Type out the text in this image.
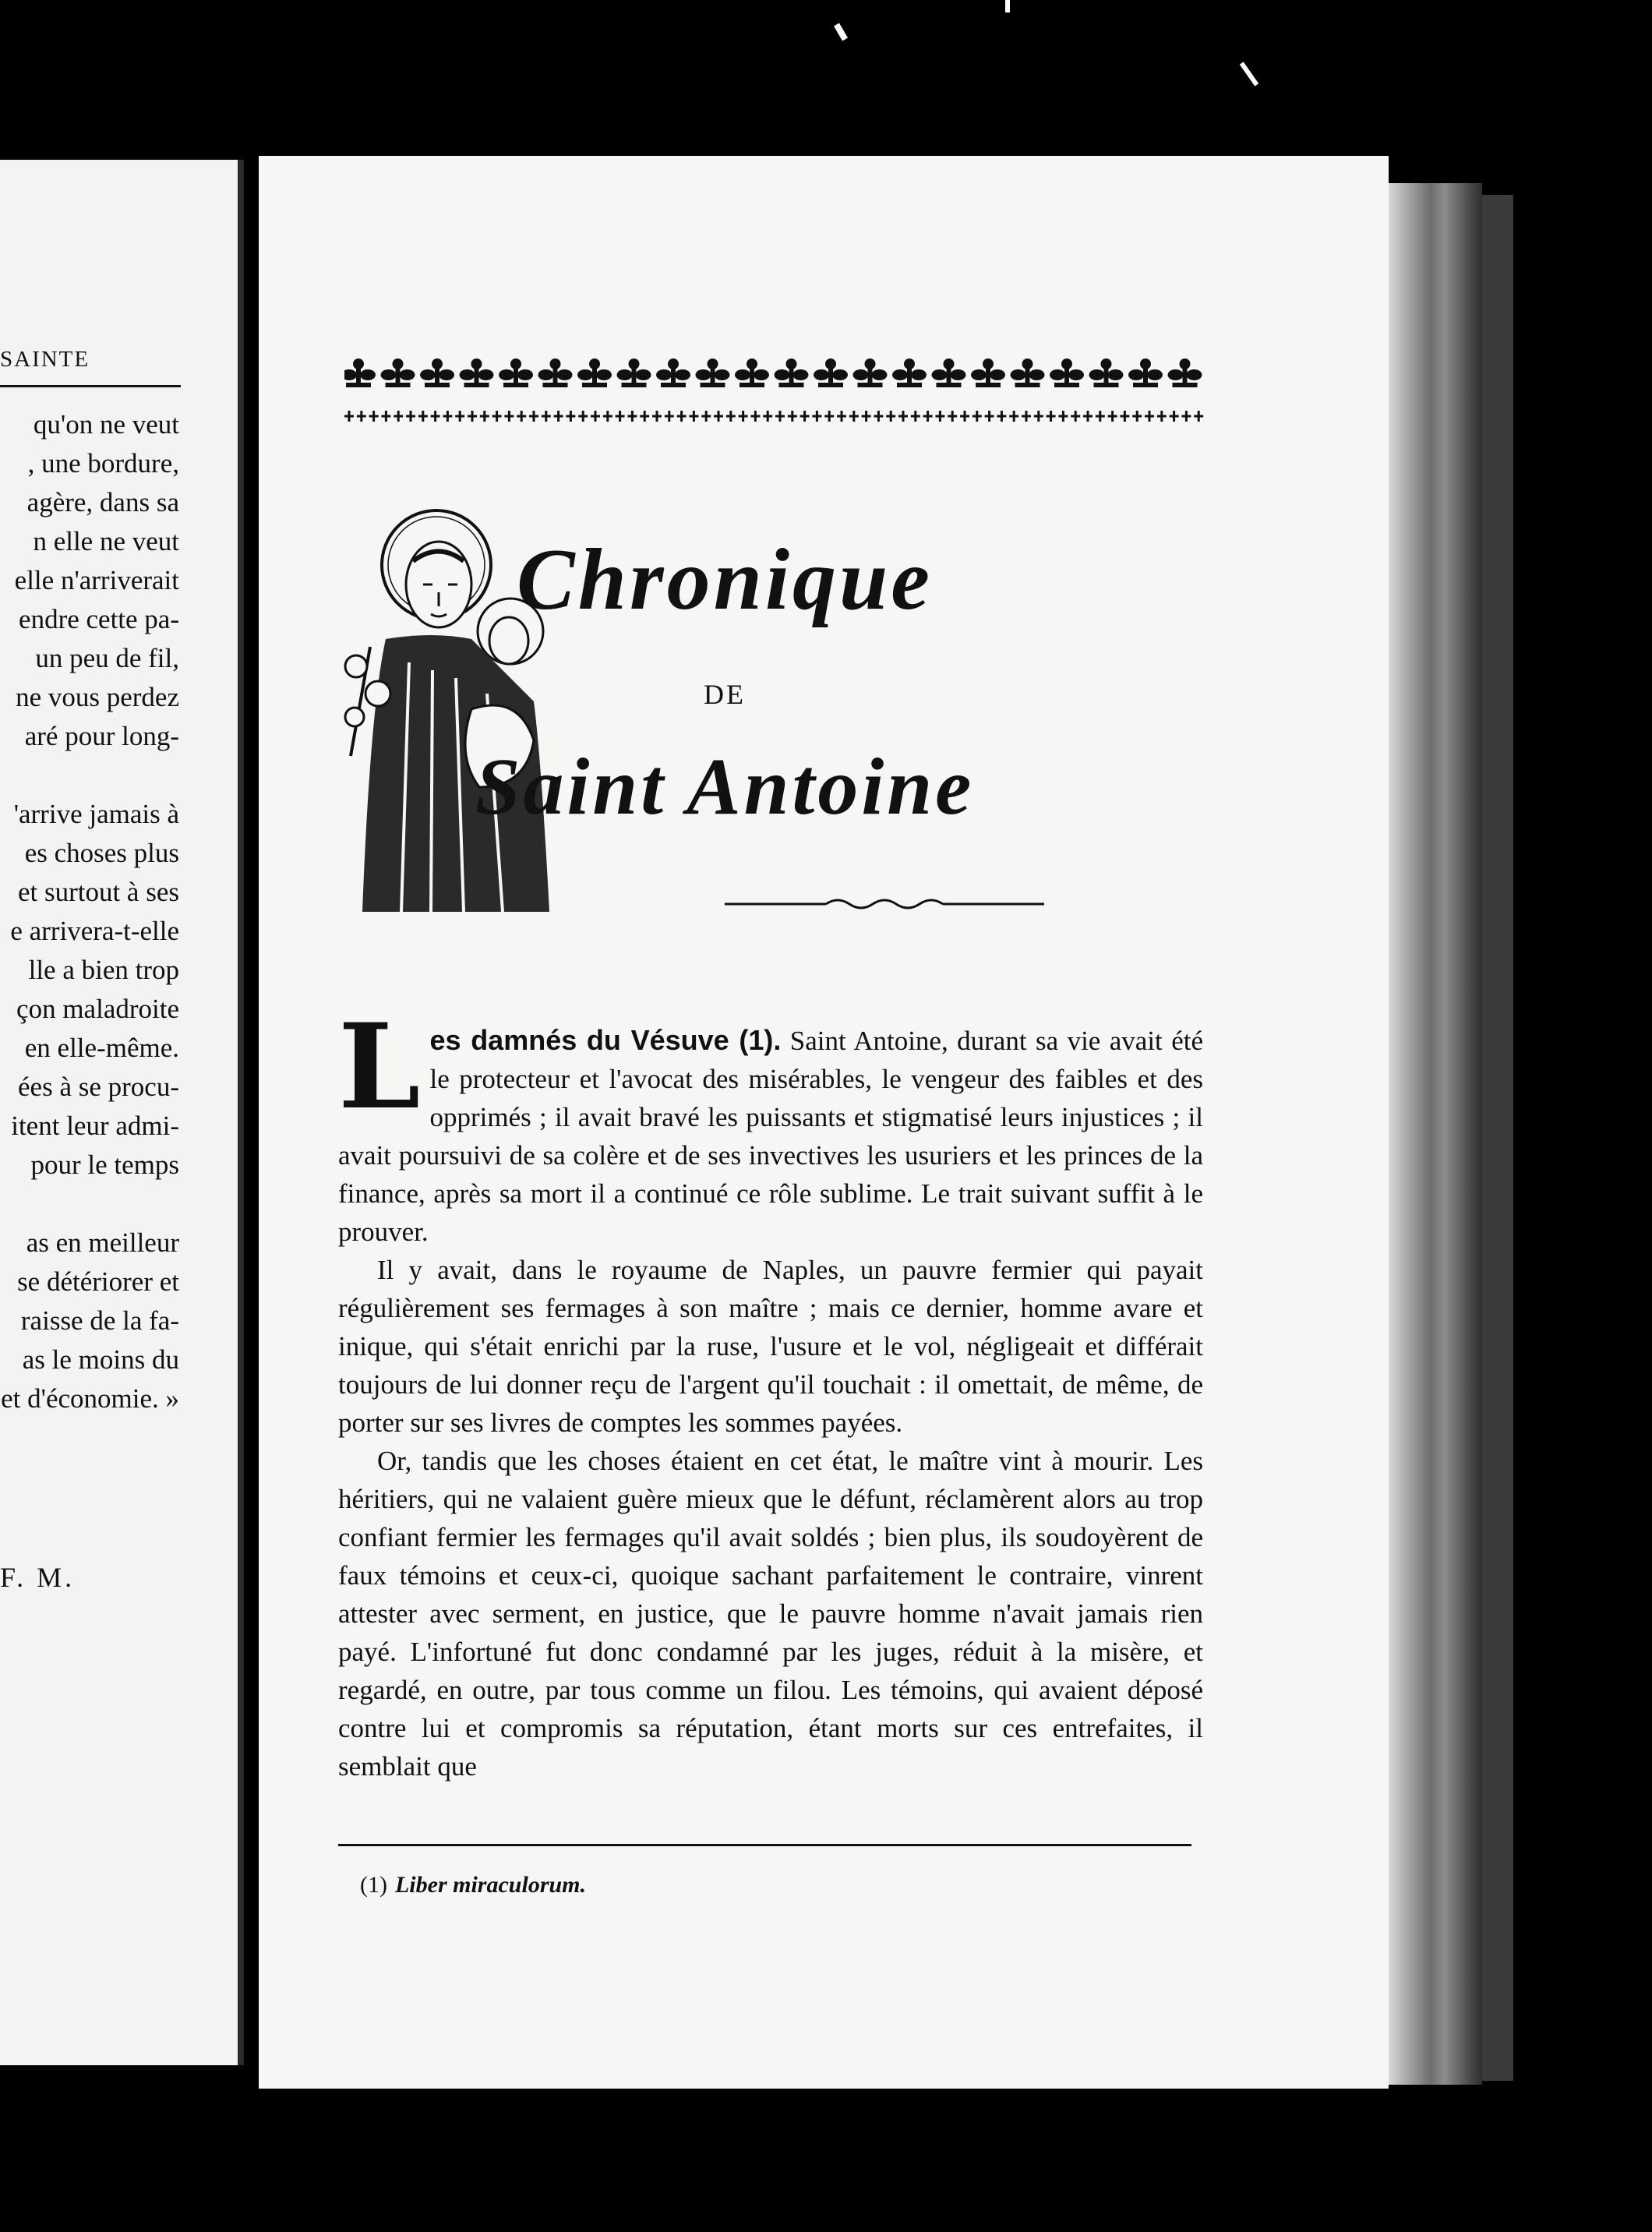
SAINTE
qu'on ne veut
, une bordure,
agère, dans sa
n elle ne veut
elle n'arriverait
endre cette pa-
un peu de fil,
ne vous perdez
aré pour long-
'arrive jamais à
es choses plus
et surtout à ses
e arrivera-t-elle
lle a bien trop
çon maladroite
en elle-même.
ées à se procu-
itent leur admi-
pour le temps
as en meilleur
se détériorer et
raisse de la fa-
as le moins du
et d'économie. »
F. M.
Chronique
DE
Saint Antoine

L es damnés du Vésuve (1). Saint Antoine, durant sa vie avait été le protecteur et l'avocat des misérables, le vengeur des faibles et des opprimés ; il avait bravé les puissants et stigmatisé leurs injustices ; il avait poursuivi de sa colère et de ses invectives les usuriers et les princes de la finance, après sa mort il a continué ce rôle sublime. Le trait suivant suffit à le prouver.

Il y avait, dans le royaume de Naples, un pauvre fermier qui payait régulièrement ses fermages à son maître ; mais ce dernier, homme avare et inique, qui s'était enrichi par la ruse, l'usure et le vol, négligeait et différait toujours de lui donner reçu de l'argent qu'il touchait : il omettait, de même, de porter sur ses livres de comptes les sommes payées.

Or, tandis que les choses étaient en cet état, le maître vint à mourir. Les héritiers, qui ne valaient guère mieux que le défunt, réclamèrent alors au trop confiant fermier les fermages qu'il avait soldés ; bien plus, ils soudoyèrent de faux témoins et ceux-ci, quoique sachant parfaitement le contraire, vinrent attester avec serment, en justice, que le pauvre homme n'avait jamais rien payé. L'infortuné fut donc condamné par les juges, réduit à la misère, et regardé, en outre, par tous comme un filou. Les témoins, qui avaient déposé contre lui et compromis sa réputation, étant morts sur ces entrefaites, il semblait que

(1) Liber miraculorum.
